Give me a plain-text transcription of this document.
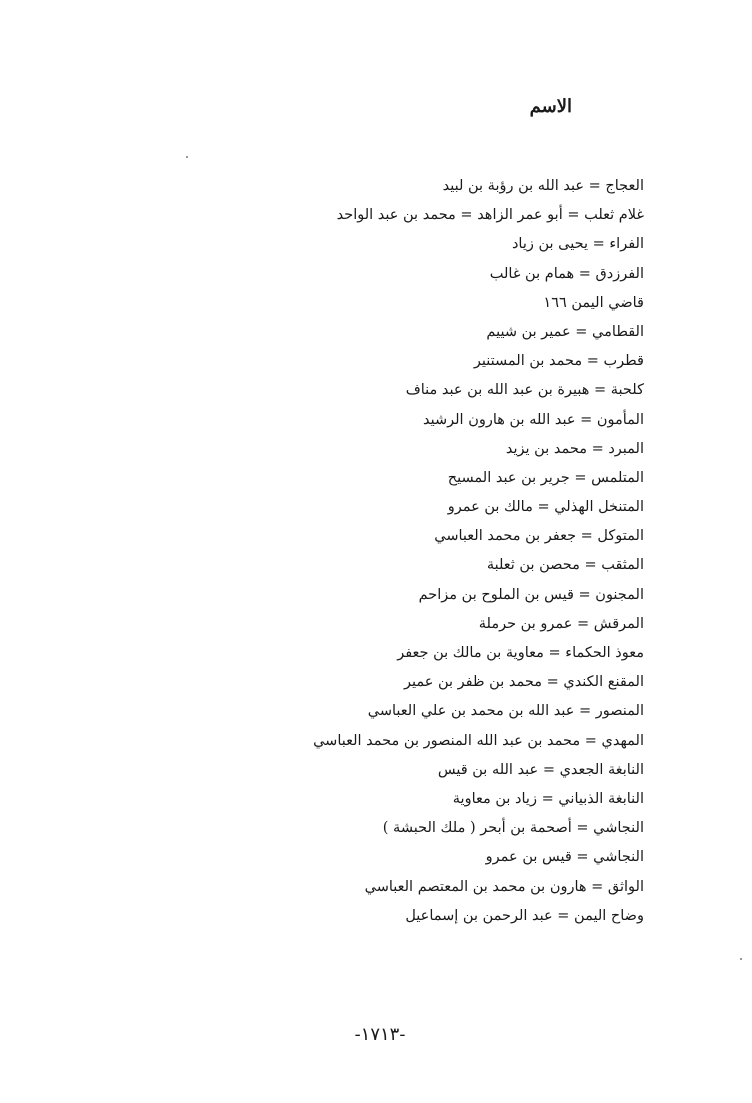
الاسم
العجاج = عبد الله بن رؤبة بن لبيد
غلام ثعلب = أبو عمر الزاهد = محمد بن عبد الواحد
الفراء = يحيى بن زياد
الفرزدق = همام بن غالب
قاضي اليمن ١٦٦
القطامي = عمير بن شييم
قطرب = محمد بن المستنير
كلحبة = هبيرة بن عبد الله بن عبد مناف
المأمون = عبد الله بن هارون الرشيد
المبرد = محمد بن يزيد
المتلمس = جرير بن عبد المسيح
المتنخل الهذلي = مالك بن عمرو
المتوكل = جعفر بن محمد العباسي
المثقب = محصن بن ثعلبة
المجنون = قيس بن الملوح بن مزاحم
المرقش = عمرو بن حرملة
معوذ الحكماء = معاوية بن مالك بن جعفر
المقنع الكندي = محمد بن ظفر بن عمير
المنصور = عبد الله بن محمد بن علي العباسي
المهدي = محمد بن عبد الله المنصور بن محمد العباسي
النابغة الجعدي = عبد الله بن قيس
النابغة الذبياني = زياد بن معاوية
النجاشي = أصحمة بن أبحر ( ملك الحبشة )
النجاشي = قيس بن عمرو
الواثق = هارون بن محمد بن المعتصم العباسي
وضاح اليمن = عبد الرحمن بن إسماعيل
-١٧١٣-
